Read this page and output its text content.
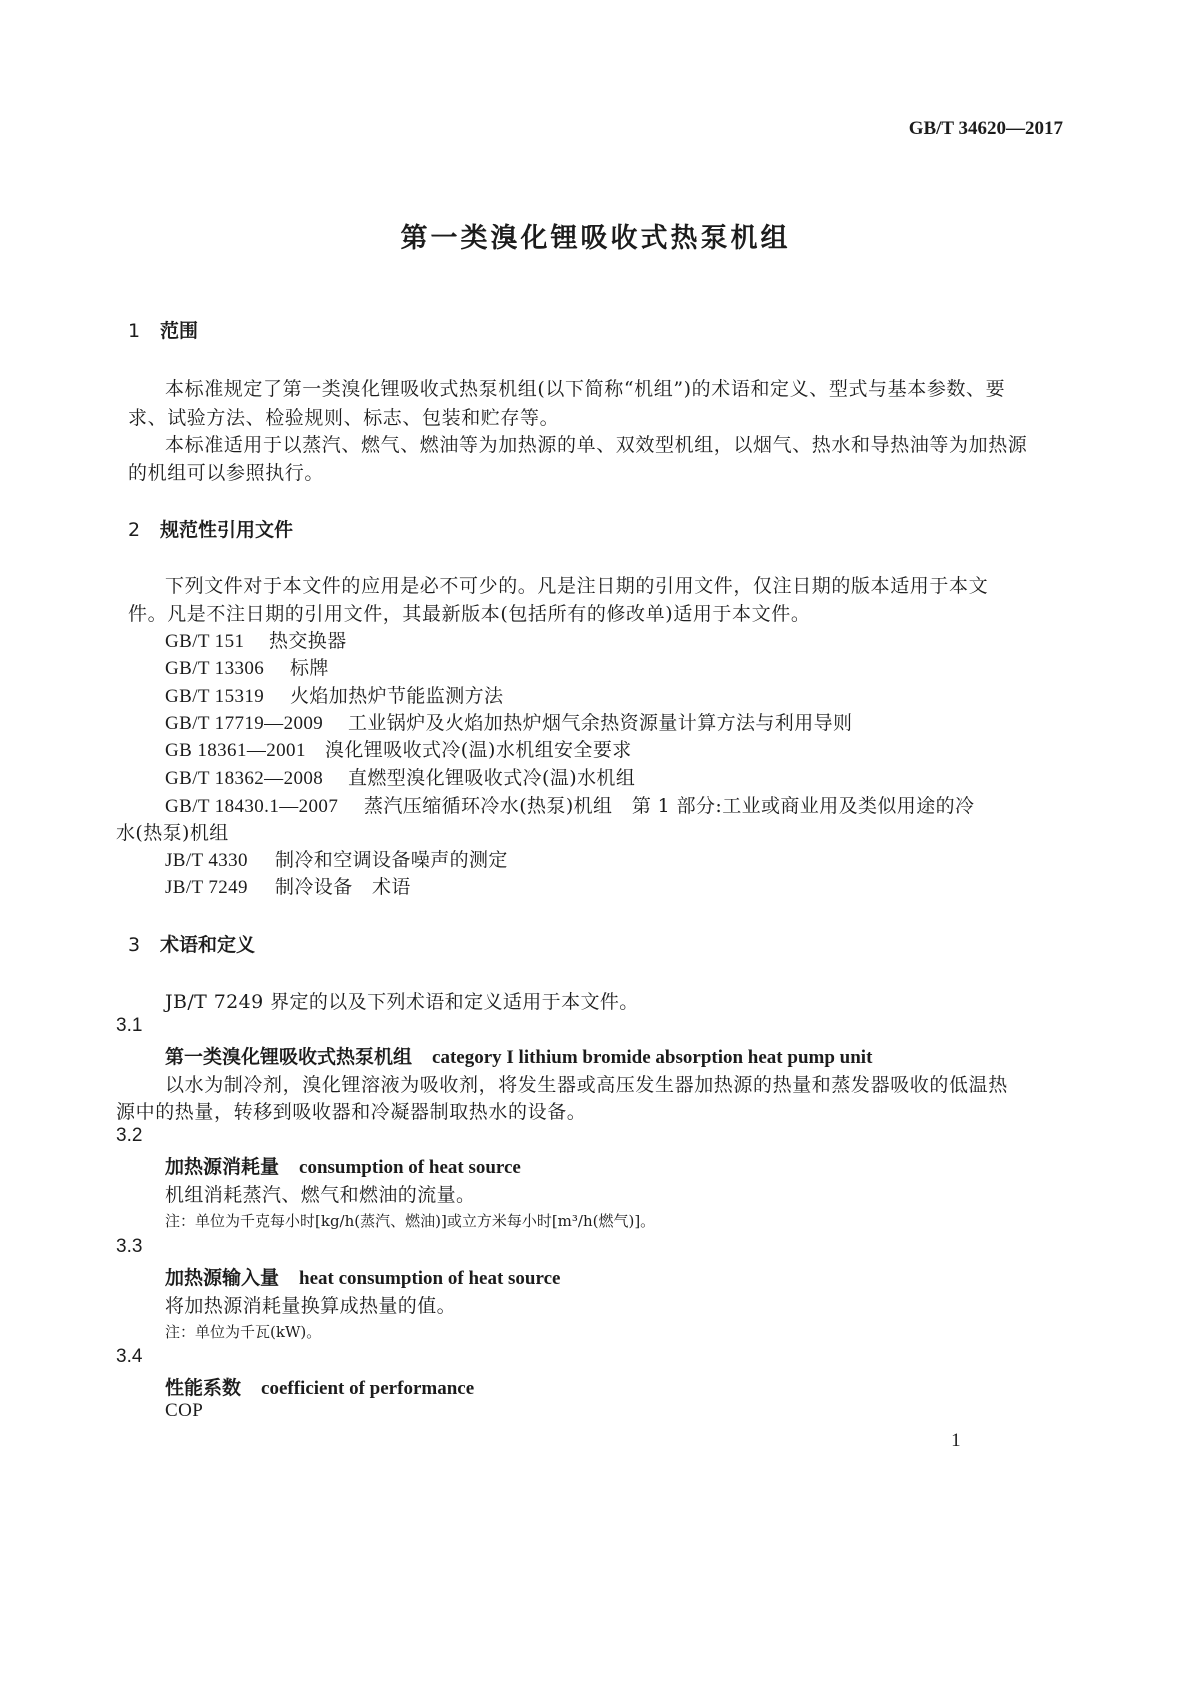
GB/T 34620—2017
第一类溴化锂吸收式热泵机组
1 范围
本标准规定了第一类溴化锂吸收式热泵机组(以下简称“机组”)的术语和定义、型式与基本参数、要
求、试验方法、检验规则、标志、包装和贮存等。
本标准适用于以蒸汽、燃气、燃油等为加热源的单、双效型机组，以烟气、热水和导热油等为加热源
的机组可以参照执行。
2 规范性引用文件
下列文件对于本文件的应用是必不可少的。凡是注日期的引用文件，仅注日期的版本适用于本文
件。凡是不注日期的引用文件，其最新版本(包括所有的修改单)适用于本文件。
GB/T 151 热交换器
GB/T 13306 标牌
GB/T 15319 火焰加热炉节能监测方法
GB/T 17719—2009 工业锅炉及火焰加热炉烟气余热资源量计算方法与利用导则
GB 18361—2001 溴化锂吸收式冷(温)水机组安全要求
GB/T 18362—2008 直燃型溴化锂吸收式冷(温)水机组
GB/T 18430.1—2007 蒸汽压缩循环冷水(热泵)机组　第 1 部分:工业或商业用及类似用途的冷
水(热泵)机组
JB/T 4330 制冷和空调设备噪声的测定
JB/T 7249 制冷设备　术语
3 术语和定义
JB/T 7249 界定的以及下列术语和定义适用于本文件。
3.1
第一类溴化锂吸收式热泵机组 category I lithium bromide absorption heat pump unit
以水为制冷剂，溴化锂溶液为吸收剂，将发生器或高压发生器加热源的热量和蒸发器吸收的低温热
源中的热量，转移到吸收器和冷凝器制取热水的设备。
3.2
加热源消耗量 consumption of heat source
机组消耗蒸汽、燃气和燃油的流量。
注：单位为千克每小时[kg/h(蒸汽、燃油)]或立方米每小时[m³/h(燃气)]。
3.3
加热源输入量 heat consumption of heat source
将加热源消耗量换算成热量的值。
注：单位为千瓦(kW)。
3.4
性能系数 coefficient of performance
COP
1
